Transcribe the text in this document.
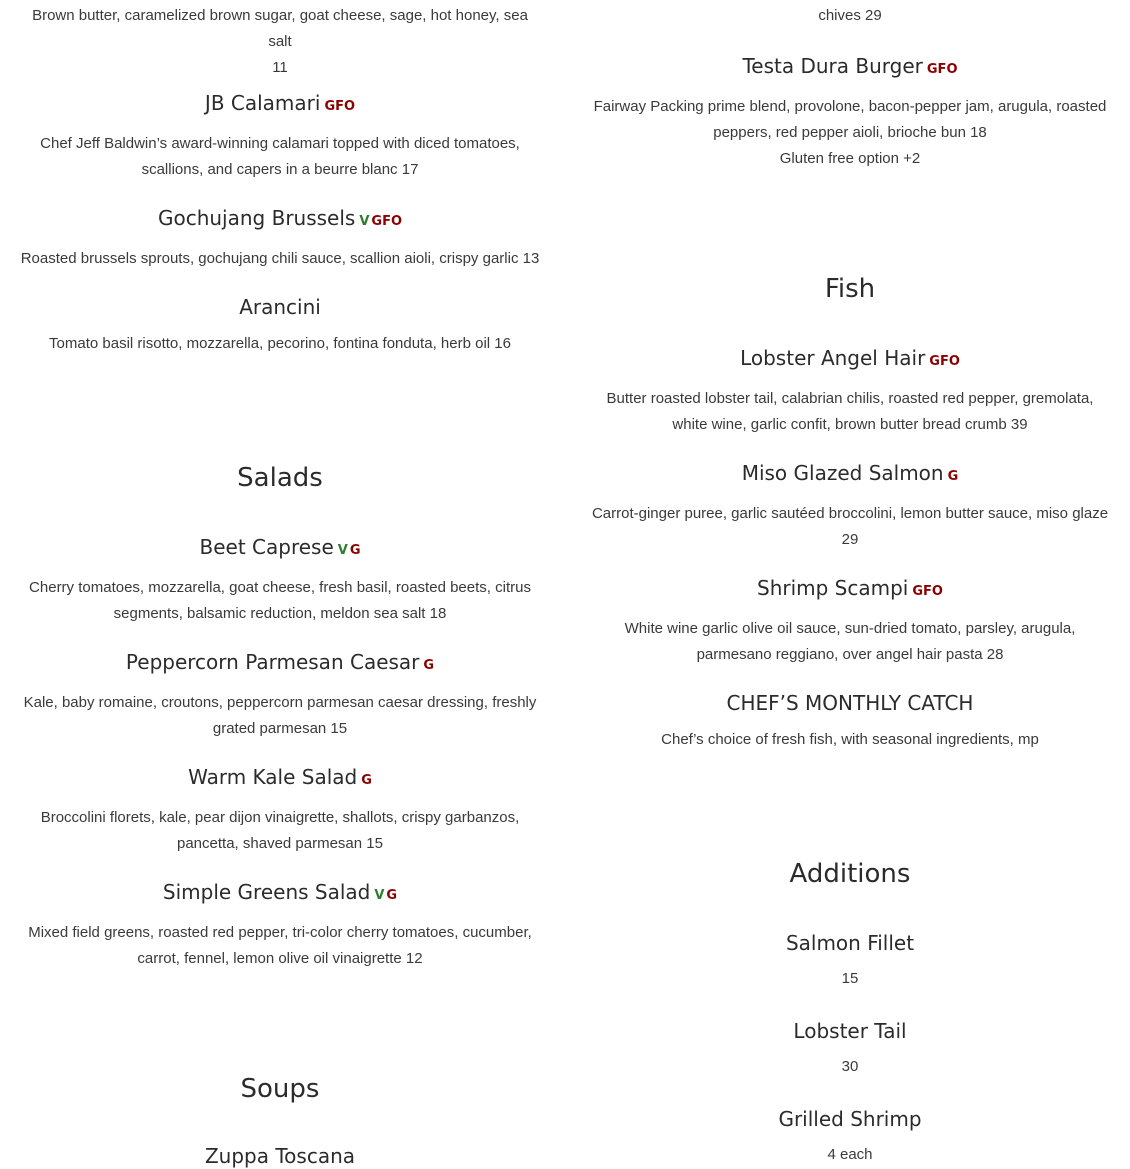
Brown butter, caramelized brown sugar, goat cheese, sage, hot honey, sea salt
11
JB Calamari GFO
Chef Jeff Baldwin’s award-winning calamari topped with diced tomatoes,
scallions, and capers in a beurre blanc 17
Gochujang Brussels V GFO
Roasted brussels sprouts, gochujang chili sauce, scallion aioli, crispy garlic 13
Arancini
Tomato basil risotto, mozzarella, pecorino, fontina fonduta, herb oil 16
Salads
Beet Caprese V G
Cherry tomatoes, mozzarella, goat cheese, fresh basil, roasted beets, citrus
segments, balsamic reduction, meldon sea salt 18
Peppercorn Parmesan Caesar G
Kale, baby romaine, croutons, peppercorn parmesan caesar dressing, freshly
grated parmesan 15
Warm Kale Salad G
Broccolini florets, kale, pear dijon vinaigrette, shallots, crispy garbanzos,
pancetta, shaved parmesan 15
Simple Greens Salad V G
Mixed field greens, roasted red pepper, tri-color cherry tomatoes, cucumber,
carrot, fennel, lemon olive oil vinaigrette 12
Soups
Zuppa Toscana
chives 29
Testa Dura Burger GFO
Fairway Packing prime blend, provolone, bacon-pepper jam, arugula, roasted
peppers, red pepper aioli, brioche bun 18
Gluten free option +2
Fish
Lobster Angel Hair GFO
Butter roasted lobster tail, calabrian chilis, roasted red pepper, gremolata,
white wine, garlic confit, brown butter bread crumb 39
Miso Glazed Salmon G
Carrot-ginger puree, garlic sautéed broccolini, lemon butter sauce, miso glaze
29
Shrimp Scampi GFO
White wine garlic olive oil sauce, sun-dried tomato, parsley, arugula,
parmesano reggiano, over angel hair pasta 28
CHEF’S MONTHLY CATCH
Chef’s choice of fresh fish, with seasonal ingredients, mp
Additions
Salmon Fillet
15
Lobster Tail
30
Grilled Shrimp
4 each
